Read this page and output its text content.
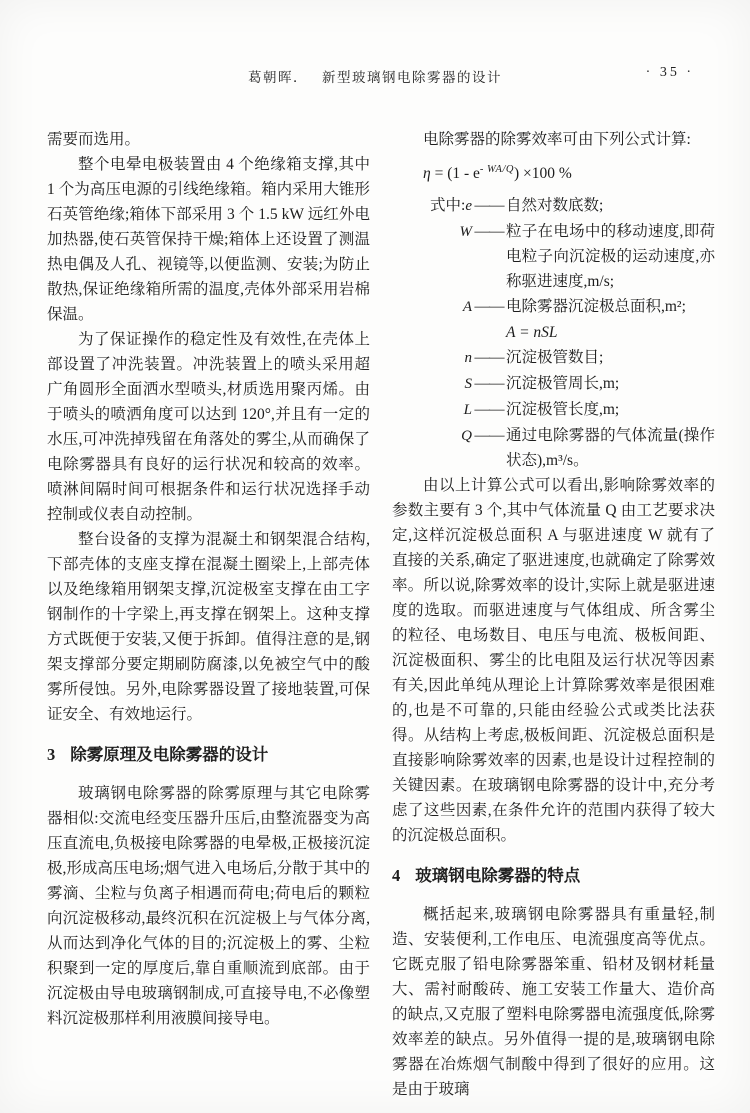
葛朝晖． 新型玻璃钢电除雾器的设计	· 35 ·

需要而选用。

整个电晕电极装置由 4 个绝缘箱支撑,其中 1 个为高压电源的引线绝缘箱。箱内采用大锥形石英管绝缘;箱体下部采用 3 个 1.5 kW 远红外电加热器,使石英管保持干燥;箱体上还设置了测温热电偶及人孔、视镜等,以便监测、安装;为防止散热,保证绝缘箱所需的温度,壳体外部采用岩棉保温。

为了保证操作的稳定性及有效性,在壳体上部设置了冲洗装置。冲洗装置上的喷头采用超广角圆形全面洒水型喷头,材质选用聚丙烯。由于喷头的喷洒角度可以达到 120°,并且有一定的水压,可冲洗掉残留在角落处的雾尘,从而确保了电除雾器具有良好的运行状况和较高的效率。喷淋间隔时间可根据条件和运行状况选择手动控制或仪表自动控制。

整台设备的支撑为混凝土和钢架混合结构,下部壳体的支座支撑在混凝土圈梁上,上部壳体以及绝缘箱用钢架支撑,沉淀极室支撑在由工字钢制作的十字梁上,再支撑在钢架上。这种支撑方式既便于安装,又便于拆卸。值得注意的是,钢架支撑部分要定期刷防腐漆,以免被空气中的酸雾所侵蚀。另外,电除雾器设置了接地装置,可保证安全、有效地运行。

3 除雾原理及电除雾器的设计

玻璃钢电除雾器的除雾原理与其它电除雾器相似:交流电经变压器升压后,由整流器变为高压直流电,负极接电除雾器的电晕极,正极接沉淀极,形成高压电场;烟气进入电场后,分散于其中的雾滴、尘粒与负离子相遇而荷电;荷电后的颗粒向沉淀极移动,最终沉积在沉淀极上与气体分离,从而达到净化气体的目的;沉淀极上的雾、尘粒积聚到一定的厚度后,靠自重顺流到底部。由于沉淀极由导电玻璃钢制成,可直接导电,不必像塑料沉淀极那样利用液膜间接导电。

电除雾器的除雾效率可由下列公式计算:

$\eta = (1 - e^{- WA/Q}) \times 100$ %
式中:e —— 自然对数底数;
W —— 粒子在电场中的移动速度,即荷电粒子向沉淀极的运动速度,亦称驱进速度,m/s;
A —— 电除雾器沉淀极总面积,m²;
A = nSL
n —— 沉淀极管数目;
S —— 沉淀极管周长,m;
L —— 沉淀极管长度,m;
Q —— 通过电除雾器的气体流量(操作状态),m³/s。

由以上计算公式可以看出,影响除雾效率的参数主要有 3 个,其中气体流量 Q 由工艺要求决定,这样沉淀极总面积 A 与驱进速度 W 就有了直接的关系,确定了驱进速度,也就确定了除雾效率。所以说,除雾效率的设计,实际上就是驱进速度的选取。而驱进速度与气体组成、所含雾尘的粒径、电场数目、电压与电流、极板间距、沉淀极面积、雾尘的比电阻及运行状况等因素有关,因此单纯从理论上计算除雾效率是很困难的,也是不可靠的,只能由经验公式或类比法获得。从结构上考虑,极板间距、沉淀极总面积是直接影响除雾效率的因素,也是设计过程控制的关键因素。在玻璃钢电除雾器的设计中,充分考虑了这些因素,在条件允许的范围内获得了较大的沉淀极总面积。

4 玻璃钢电除雾器的特点

概括起来,玻璃钢电除雾器具有重量轻,制造、安装便利,工作电压、电流强度高等优点。它既克服了铅电除雾器笨重、铅材及钢材耗量大、需衬耐酸砖、施工安装工作量大、造价高的缺点,又克服了塑料电除雾器电流强度低,除雾效率差的缺点。另外值得一提的是,玻璃钢电除雾器在冶炼烟气制酸中得到了很好的应用。这是由于玻璃
